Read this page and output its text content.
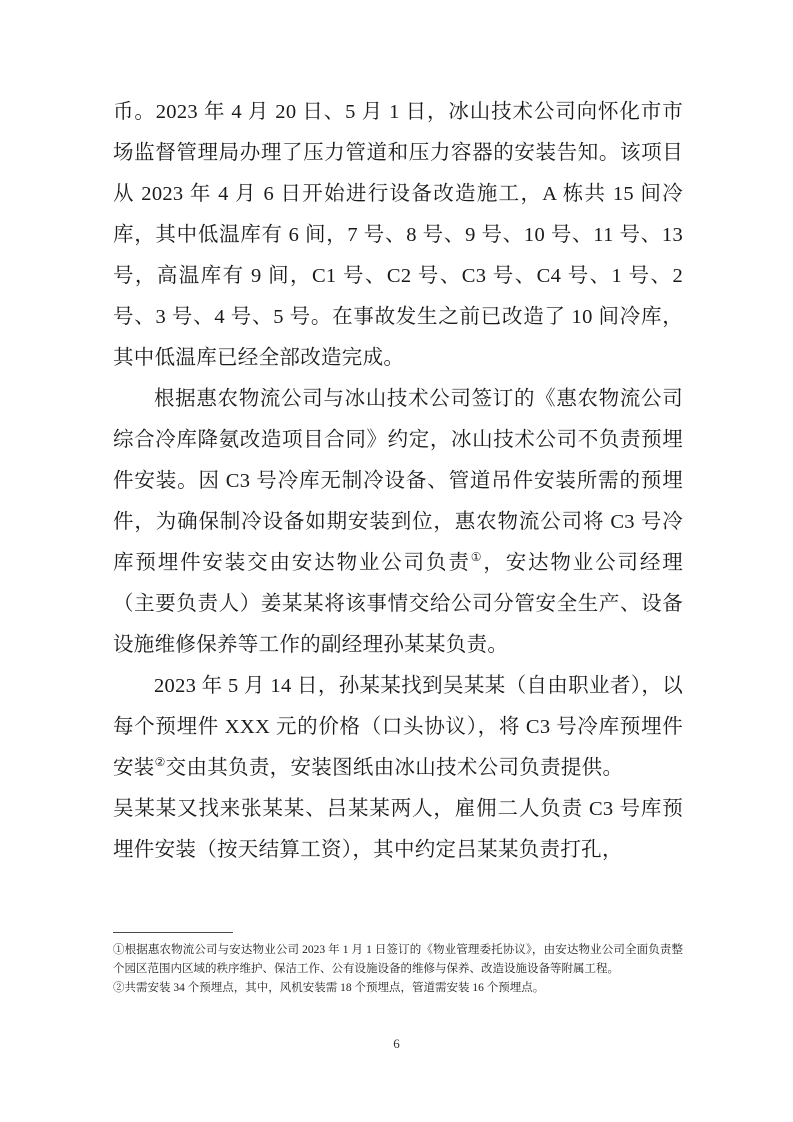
币。2023 年 4 月 20 日、5 月 1 日，冰山技术公司向怀化市市场监督管理局办理了压力管道和压力容器的安装告知。该项目从 2023 年 4 月 6 日开始进行设备改造施工，A 栋共 15 间冷库，其中低温库有 6 间，7 号、8 号、9 号、10 号、11 号、13 号，高温库有 9 间，C1 号、C2 号、C3 号、C4 号、1 号、2 号、3 号、4 号、5 号。在事故发生之前已改造了 10 间冷库，其中低温库已经全部改造完成。

根据惠农物流公司与冰山技术公司签订的《惠农物流公司综合冷库降氨改造项目合同》约定，冰山技术公司不负责预埋件安装。因 C3 号冷库无制冷设备、管道吊件安装所需的预埋件，为确保制冷设备如期安装到位，惠农物流公司将 C3 号冷库预埋件安装交由安达物业公司负责①，安达物业公司经理（主要负责人）姜某某将该事情交给公司分管安全生产、设备设施维修保养等工作的副经理孙某某负责。

2023 年 5 月 14 日，孙某某找到吴某某（自由职业者），以每个预埋件 XXX 元的价格（口头协议），将 C3 号冷库预埋件安装②交由其负责，安装图纸由冰山技术公司负责提供。

吴某某又找来张某某、吕某某两人，雇佣二人负责 C3 号库预埋件安装（按天结算工资），其中约定吕某某负责打孔，

①根据惠农物流公司与安达物业公司 2023 年 1 月 1 日签订的《物业管理委托协议》，由安达物业公司全面负责整个园区范围内区域的秩序维护、保洁工作、公有设施设备的维修与保养、改造设施设备等附属工程。

②共需安装 34 个预埋点，其中，风机安装需 18 个预埋点，管道需安装 16 个预埋点。

6
